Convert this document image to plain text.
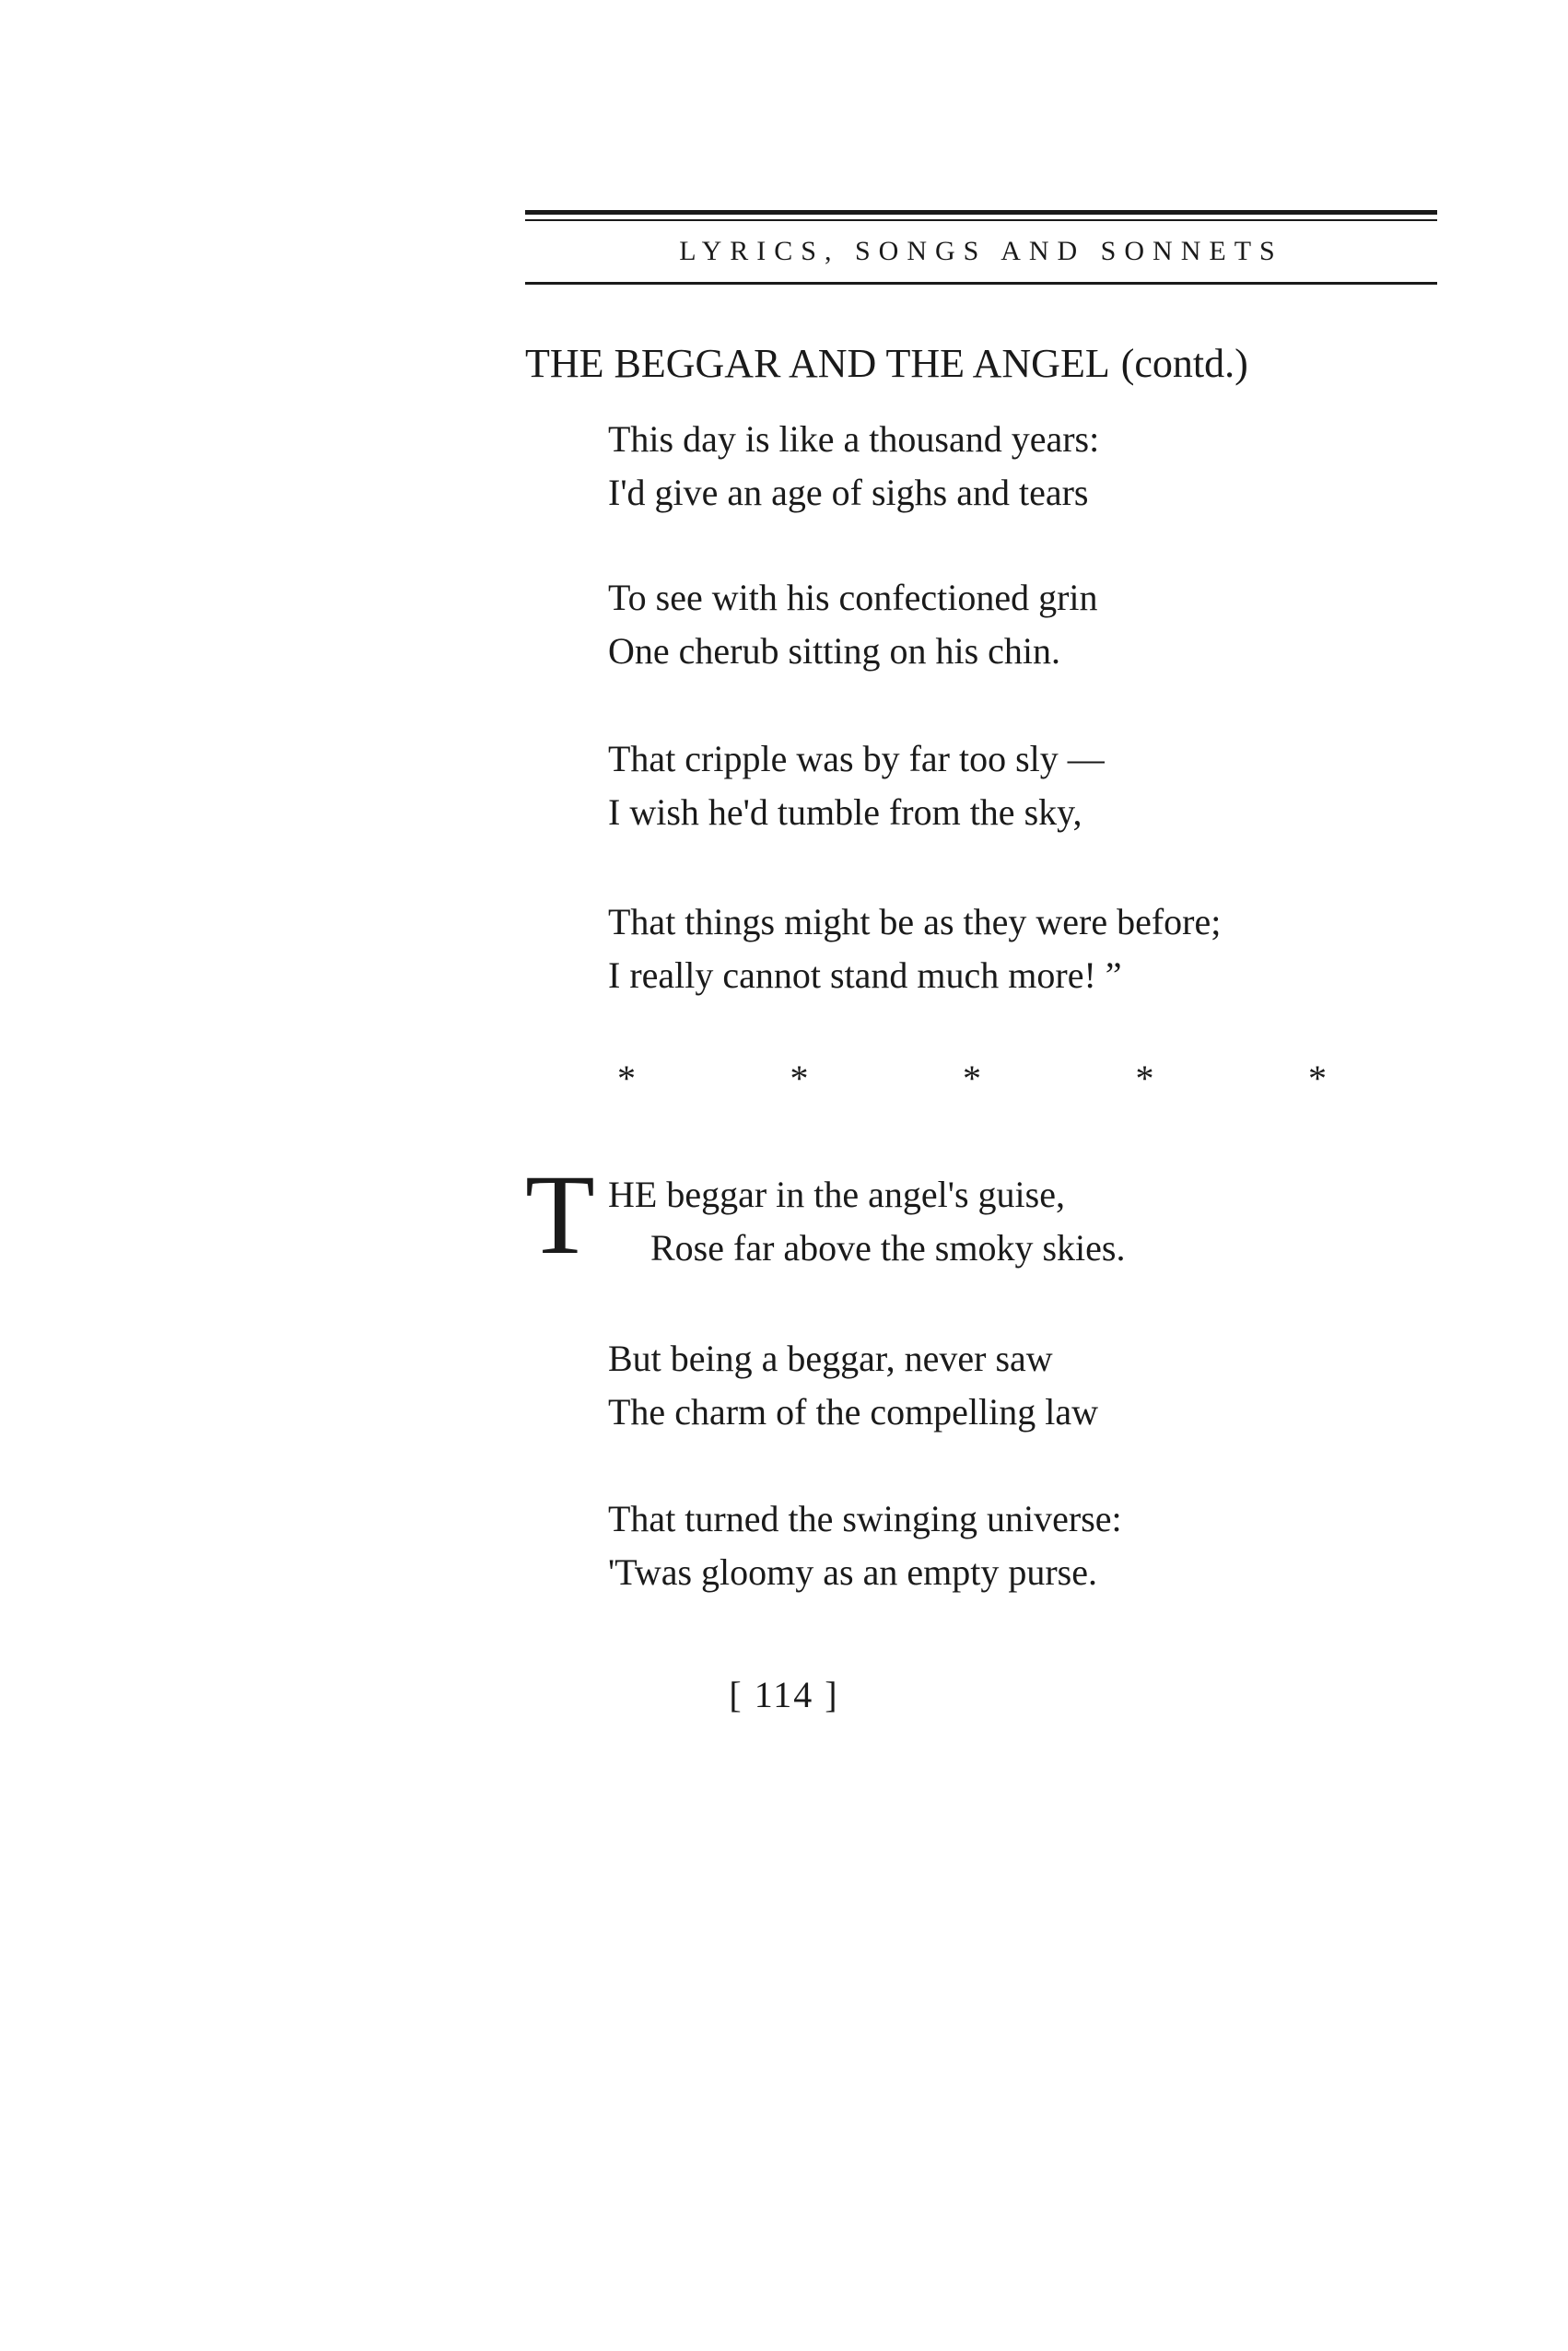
LYRICS, SONGS AND SONNETS
THE BEGGAR AND THE ANGEL (contd.)
This day is like a thousand years:
I'd give an age of sighs and tears
To see with his confectioned grin
One cherub sitting on his chin.
That cripple was by far too sly —
I wish he'd tumble from the sky,
That things might be as they were before;
I really cannot stand much more! ”
*	*	*	*	*
T HE beggar in the angel's guise,
Rose far above the smoky skies.
But being a beggar, never saw
The charm of the compelling law
That turned the swinging universe:
'Twas gloomy as an empty purse.
[ 114 ]
